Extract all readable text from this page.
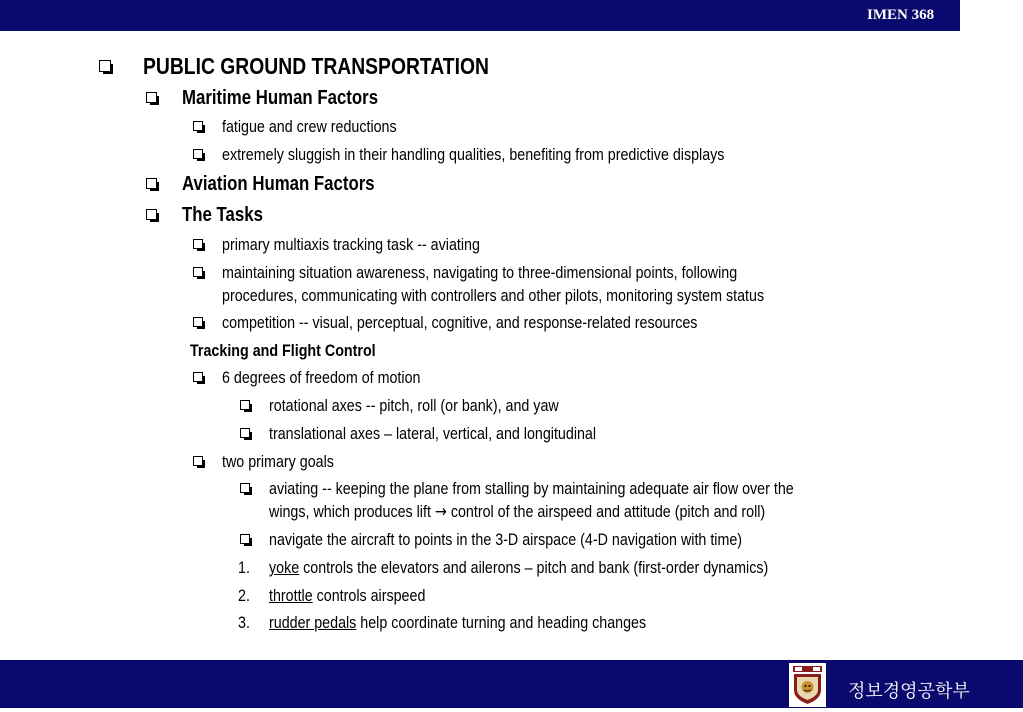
IMEN 368
PUBLIC GROUND TRANSPORTATION
Maritime Human Factors
fatigue and crew reductions
extremely sluggish in their handling qualities, benefiting from predictive displays
Aviation Human Factors
The Tasks
primary multiaxis tracking task -- aviating
maintaining situation awareness, navigating to three-dimensional points, following
procedures, communicating with controllers and other pilots, monitoring system status
competition -- visual, perceptual, cognitive, and response-related resources
Tracking and Flight Control
6 degrees of freedom of motion
rotational axes -- pitch, roll (or bank), and yaw
translational axes – lateral, vertical, and longitudinal
two primary goals
aviating -- keeping the plane from stalling by maintaining adequate air flow over the
wings, which produces lift → control of the airspeed and attitude (pitch and roll)
navigate the aircraft to points in the 3-D airspace (4-D navigation with time)
1. yoke controls the elevators and ailerons – pitch and bank (first-order dynamics)
2. throttle controls airspeed
3. rudder pedals help coordinate turning and heading changes
정보경영공학부
